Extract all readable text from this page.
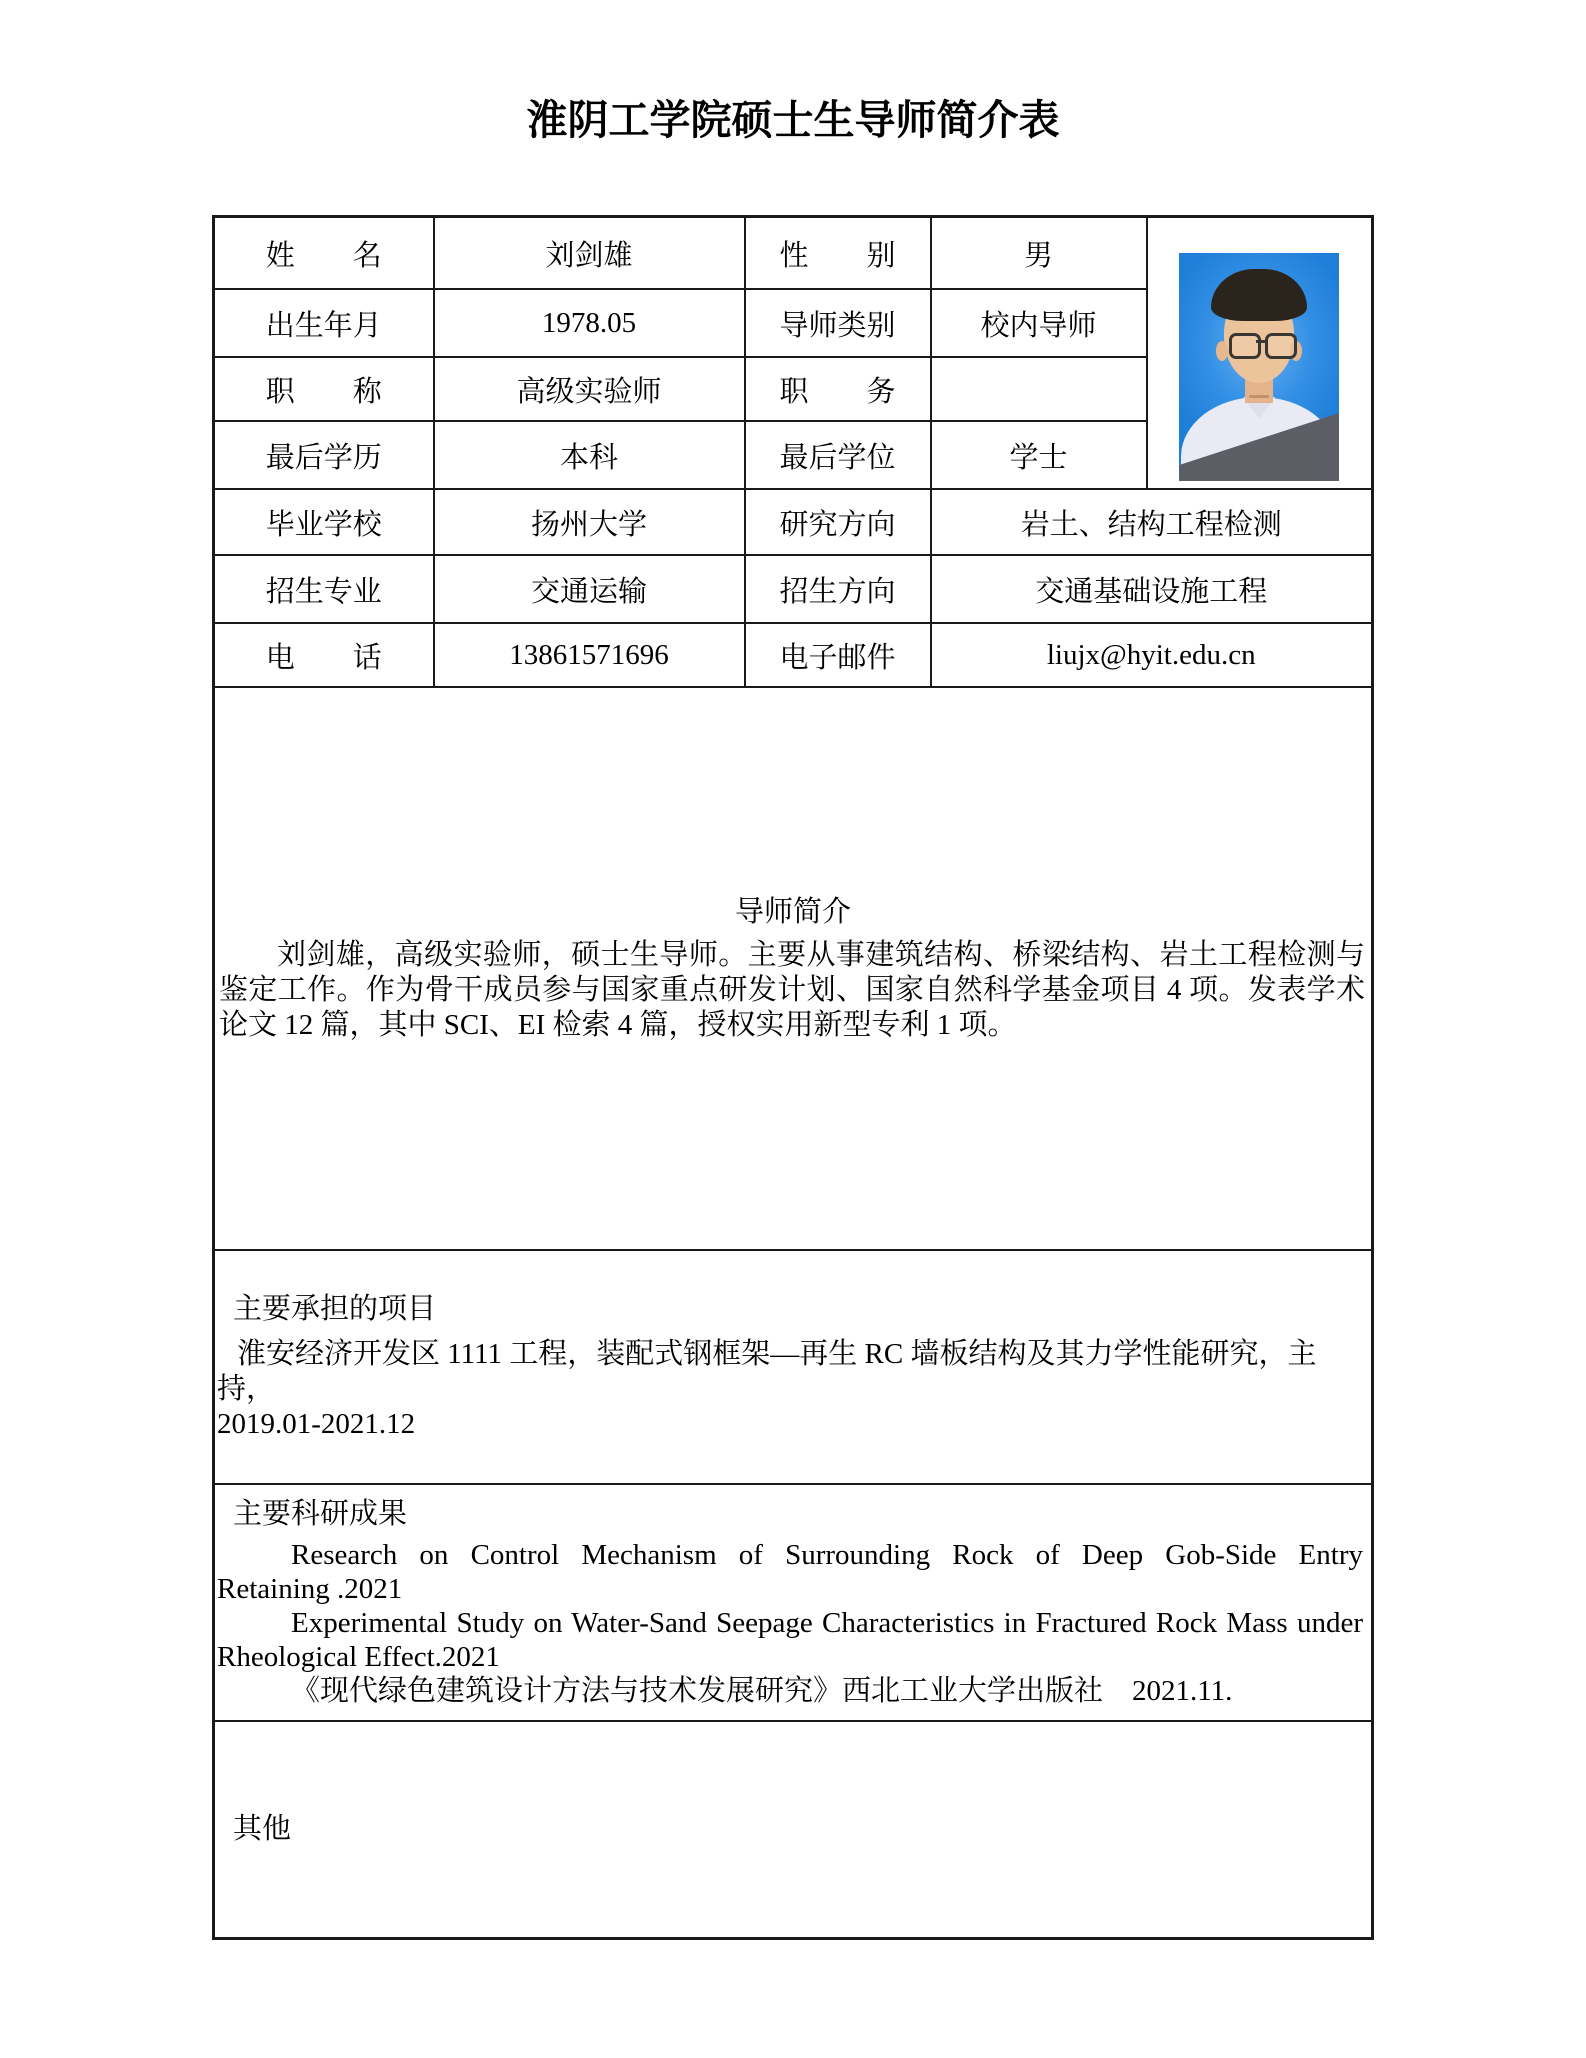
淮阴工学院硕士生导师简介表
姓　　名	刘剑雄	性　　别	男	

出生年月	1978.05	导师类别	校内导师	
职　　称	高级实验师	职　　务		
最后学历	本科	最后学位	学士	
毕业学校	扬州大学	研究方向	岩土、结构工程检测	
招生专业	交通运输	招生方向	交通基础设施工程	
电　　话	13861571696	电子邮件	liujx@hyit.edu.cn	

导师简介

刘剑雄，高级实验师，硕士生导师。主要从事建筑结构、桥梁结构、岩土工程检测与鉴定工作。作为骨干成员参与国家重点研发计划、国家自然科学基金项目 4 项。发表学术论文 12 篇，其中 SCI、EI 检索 4 篇，授权实用新型专利 1 项。				

主要承担的项目

淮安经济开发区 1111 工程，装配式钢框架—再生 RC 墙板结构及其力学性能研究，主持，

2019.01-2021.12				

主要科研成果

Research on Control Mechanism of Surrounding Rock of Deep Gob-Side Entry

Retaining .2021

Experimental Study on Water-Sand Seepage Characteristics in Fractured Rock Mass under

Rheological Effect.2021

《现代绿色建筑设计方法与技术发展研究》西北工业大学出版社　2021.11.

其他				
